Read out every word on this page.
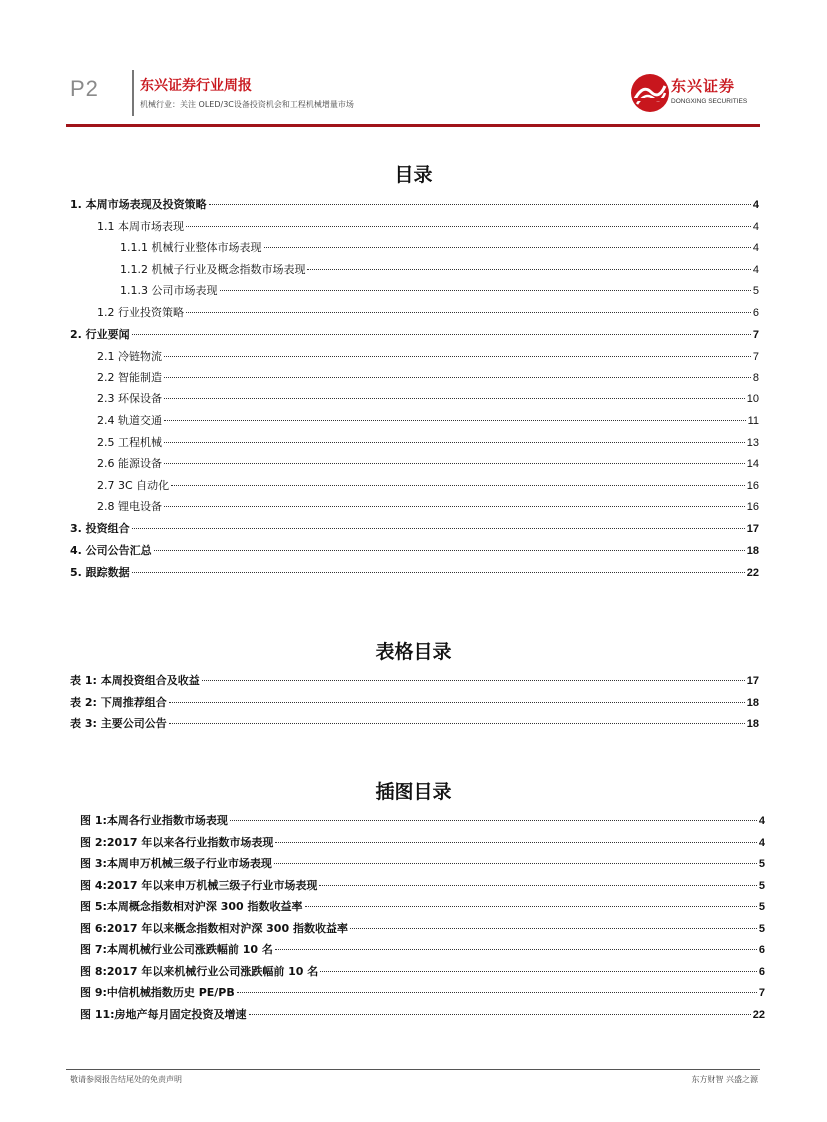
P2	东兴证券行业周报
机械行业：关注 OLED/3C设备投资机会和工程机械增量市场
东兴证券
DONGXING SECURITIES
目录
1. 本周市场表现及投资策略	4
1.1 本周市场表现	4
1.1.1 机械行业整体市场表现	4
1.1.2 机械子行业及概念指数市场表现	4
1.1.3 公司市场表现	5
1.2 行业投资策略	6
2. 行业要闻	7
2.1 冷链物流	7
2.2 智能制造	8
2.3 环保设备	10
2.4 轨道交通	11
2.5 工程机械	13
2.6 能源设备	14
2.7 3C 自动化	16
2.8 锂电设备	16
3. 投资组合	17
4. 公司公告汇总	18
5. 跟踪数据	22
表格目录
表 1: 本周投资组合及收益	17
表 2: 下周推荐组合	18
表 3: 主要公司公告	18
插图目录
图 1:本周各行业指数市场表现	4
图 2:2017 年以来各行业指数市场表现	4
图 3:本周申万机械三级子行业市场表现	5
图 4:2017 年以来申万机械三级子行业市场表现	5
图 5:本周概念指数相对沪深 300 指数收益率	5
图 6:2017 年以来概念指数相对沪深 300 指数收益率	5
图 7:本周机械行业公司涨跌幅前 10 名	6
图 8:2017 年以来机械行业公司涨跌幅前 10 名	6
图 9:中信机械指数历史 PE/PB	7
图 11:房地产每月固定投资及增速	22
敬请参阅报告结尾处的免责声明	东方财智 兴盛之源
